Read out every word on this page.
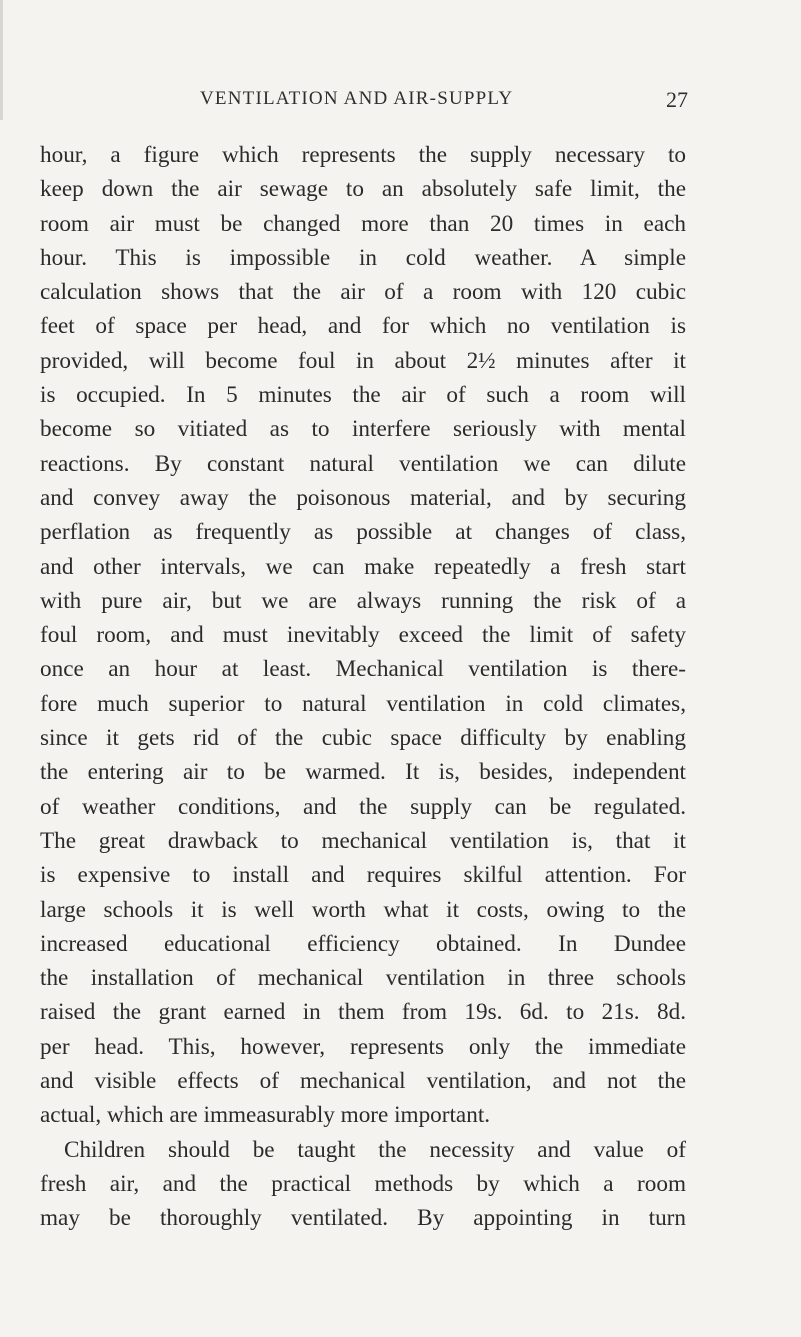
VENTILATION AND AIR-SUPPLY	27
hour, a figure which represents the supply necessary to
keep down the air sewage to an absolutely safe limit, the
room air must be changed more than 20 times in each
hour. This is impossible in cold weather. A simple
calculation shows that the air of a room with 120 cubic
feet of space per head, and for which no ventilation is
provided, will become foul in about 2½ minutes after it
is occupied. In 5 minutes the air of such a room will
become so vitiated as to interfere seriously with mental
reactions. By constant natural ventilation we can dilute
and convey away the poisonous material, and by securing
perflation as frequently as possible at changes of class,
and other intervals, we can make repeatedly a fresh start
with pure air, but we are always running the risk of a
foul room, and must inevitably exceed the limit of safety
once an hour at least. Mechanical ventilation is there-
fore much superior to natural ventilation in cold climates,
since it gets rid of the cubic space difficulty by enabling
the entering air to be warmed. It is, besides, independent
of weather conditions, and the supply can be regulated.
The great drawback to mechanical ventilation is, that it
is expensive to install and requires skilful attention. For
large schools it is well worth what it costs, owing to the
increased educational efficiency obtained. In Dundee
the installation of mechanical ventilation in three schools
raised the grant earned in them from 19s. 6d. to 21s. 8d.
per head. This, however, represents only the immediate
and visible effects of mechanical ventilation, and not the
actual, which are immeasurably more important.
Children should be taught the necessity and value of
fresh air, and the practical methods by which a room
may be thoroughly ventilated. By appointing in turn
